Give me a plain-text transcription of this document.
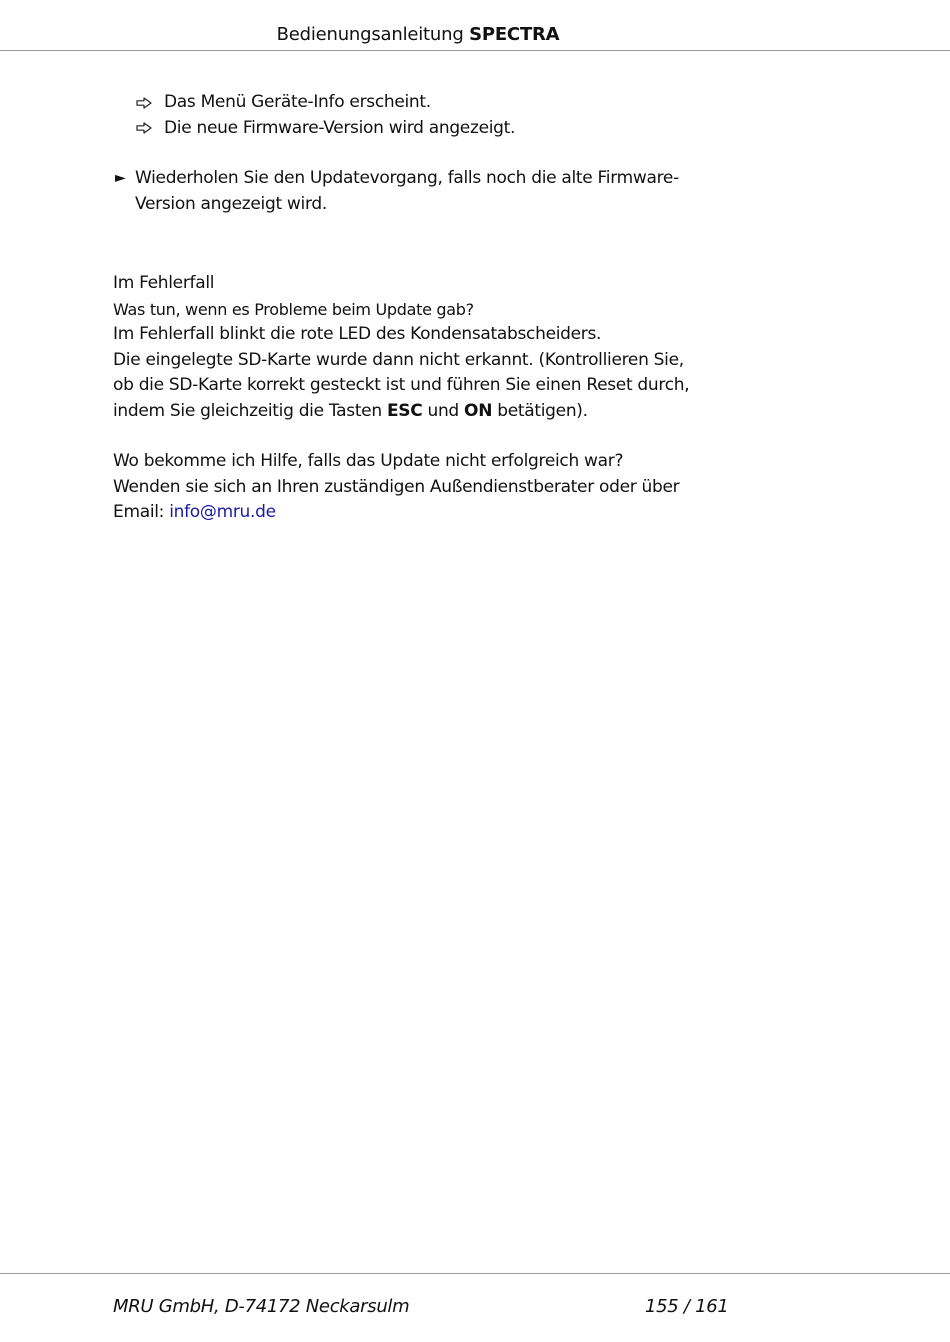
Bedienungsanleitung SPECTRA
Das Menü Geräte-Info erscheint.
Die neue Firmware-Version wird angezeigt.
► Wiederholen Sie den Updatevorgang, falls noch die alte Firmware-
Version angezeigt wird.
Im Fehlerfall
Was tun, wenn es Probleme beim Update gab?
Im Fehlerfall blinkt die rote LED des Kondensatabscheiders.
Die eingelegte SD-Karte wurde dann nicht erkannt. (Kontrollieren Sie,
ob die SD-Karte korrekt gesteckt ist und führen Sie einen Reset durch,
indem Sie gleichzeitig die Tasten ESC und ON betätigen).
Wo bekomme ich Hilfe, falls das Update nicht erfolgreich war?
Wenden sie sich an Ihren zuständigen Außendienstberater oder über
Email: info@mru.de
MRU GmbH, D-74172 Neckarsulm	155 / 161
